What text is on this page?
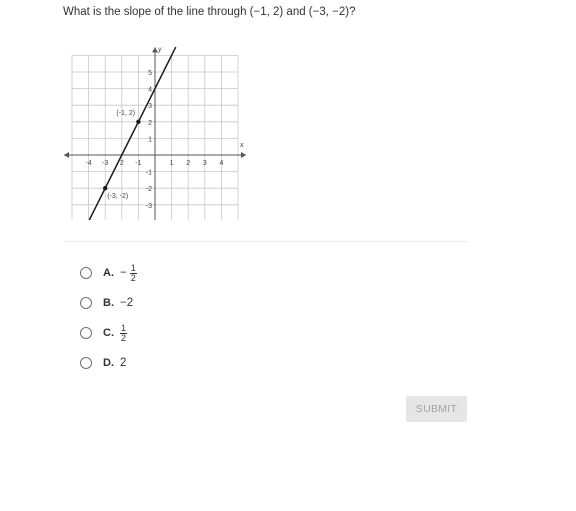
What is the slope of the line through (−1, 2) and (−3, −2)?
x
y
-4 -3 2 -1	1 2 3 4
5
4
3
2
1
-1
-2
-3
(-1, 2)
(-3, -2)
A. − $\frac{1}{2}$
B. −2
C. $\frac{1}{2}$
D. 2
SUBMIT
